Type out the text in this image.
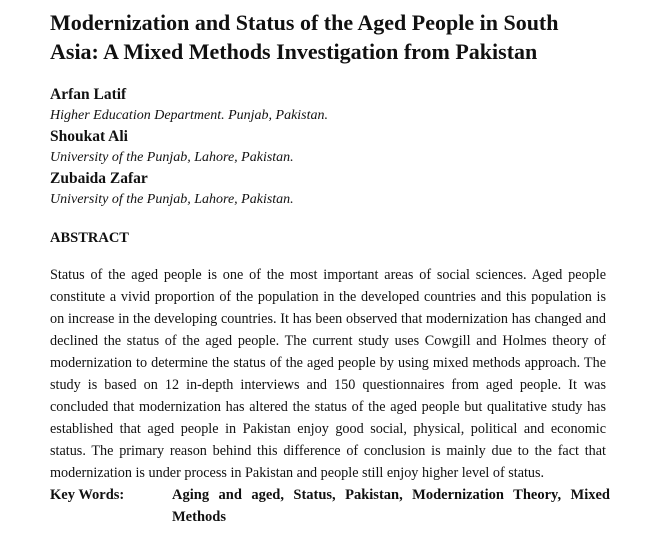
Modernization and Status of the Aged People in South Asia: A Mixed Methods Investigation from Pakistan
Arfan Latif
Higher Education Department. Punjab, Pakistan.
Shoukat Ali
University of the Punjab, Lahore, Pakistan.
Zubaida Zafar
University of the Punjab, Lahore, Pakistan.
ABSTRACT
Status of the aged people is one of the most important areas of social sciences. Aged people constitute a vivid proportion of the population in the developed countries and this population is on increase in the developing countries. It has been observed that modernization has changed and declined the status of the aged people. The current study uses Cowgill and Holmes theory of modernization to determine the status of the aged people by using mixed methods approach. The study is based on 12 in-depth interviews and 150 questionnaires from aged people. It was concluded that modernization has altered the status of the aged people but qualitative study has established that aged people in Pakistan enjoy good social, physical, political and economic status. The primary reason behind this difference of conclusion is mainly due to the fact that modernization is under process in Pakistan and people still enjoy higher level of status.
Key Words:	Aging and aged, Status, Pakistan, Modernization Theory, Mixed Methods
